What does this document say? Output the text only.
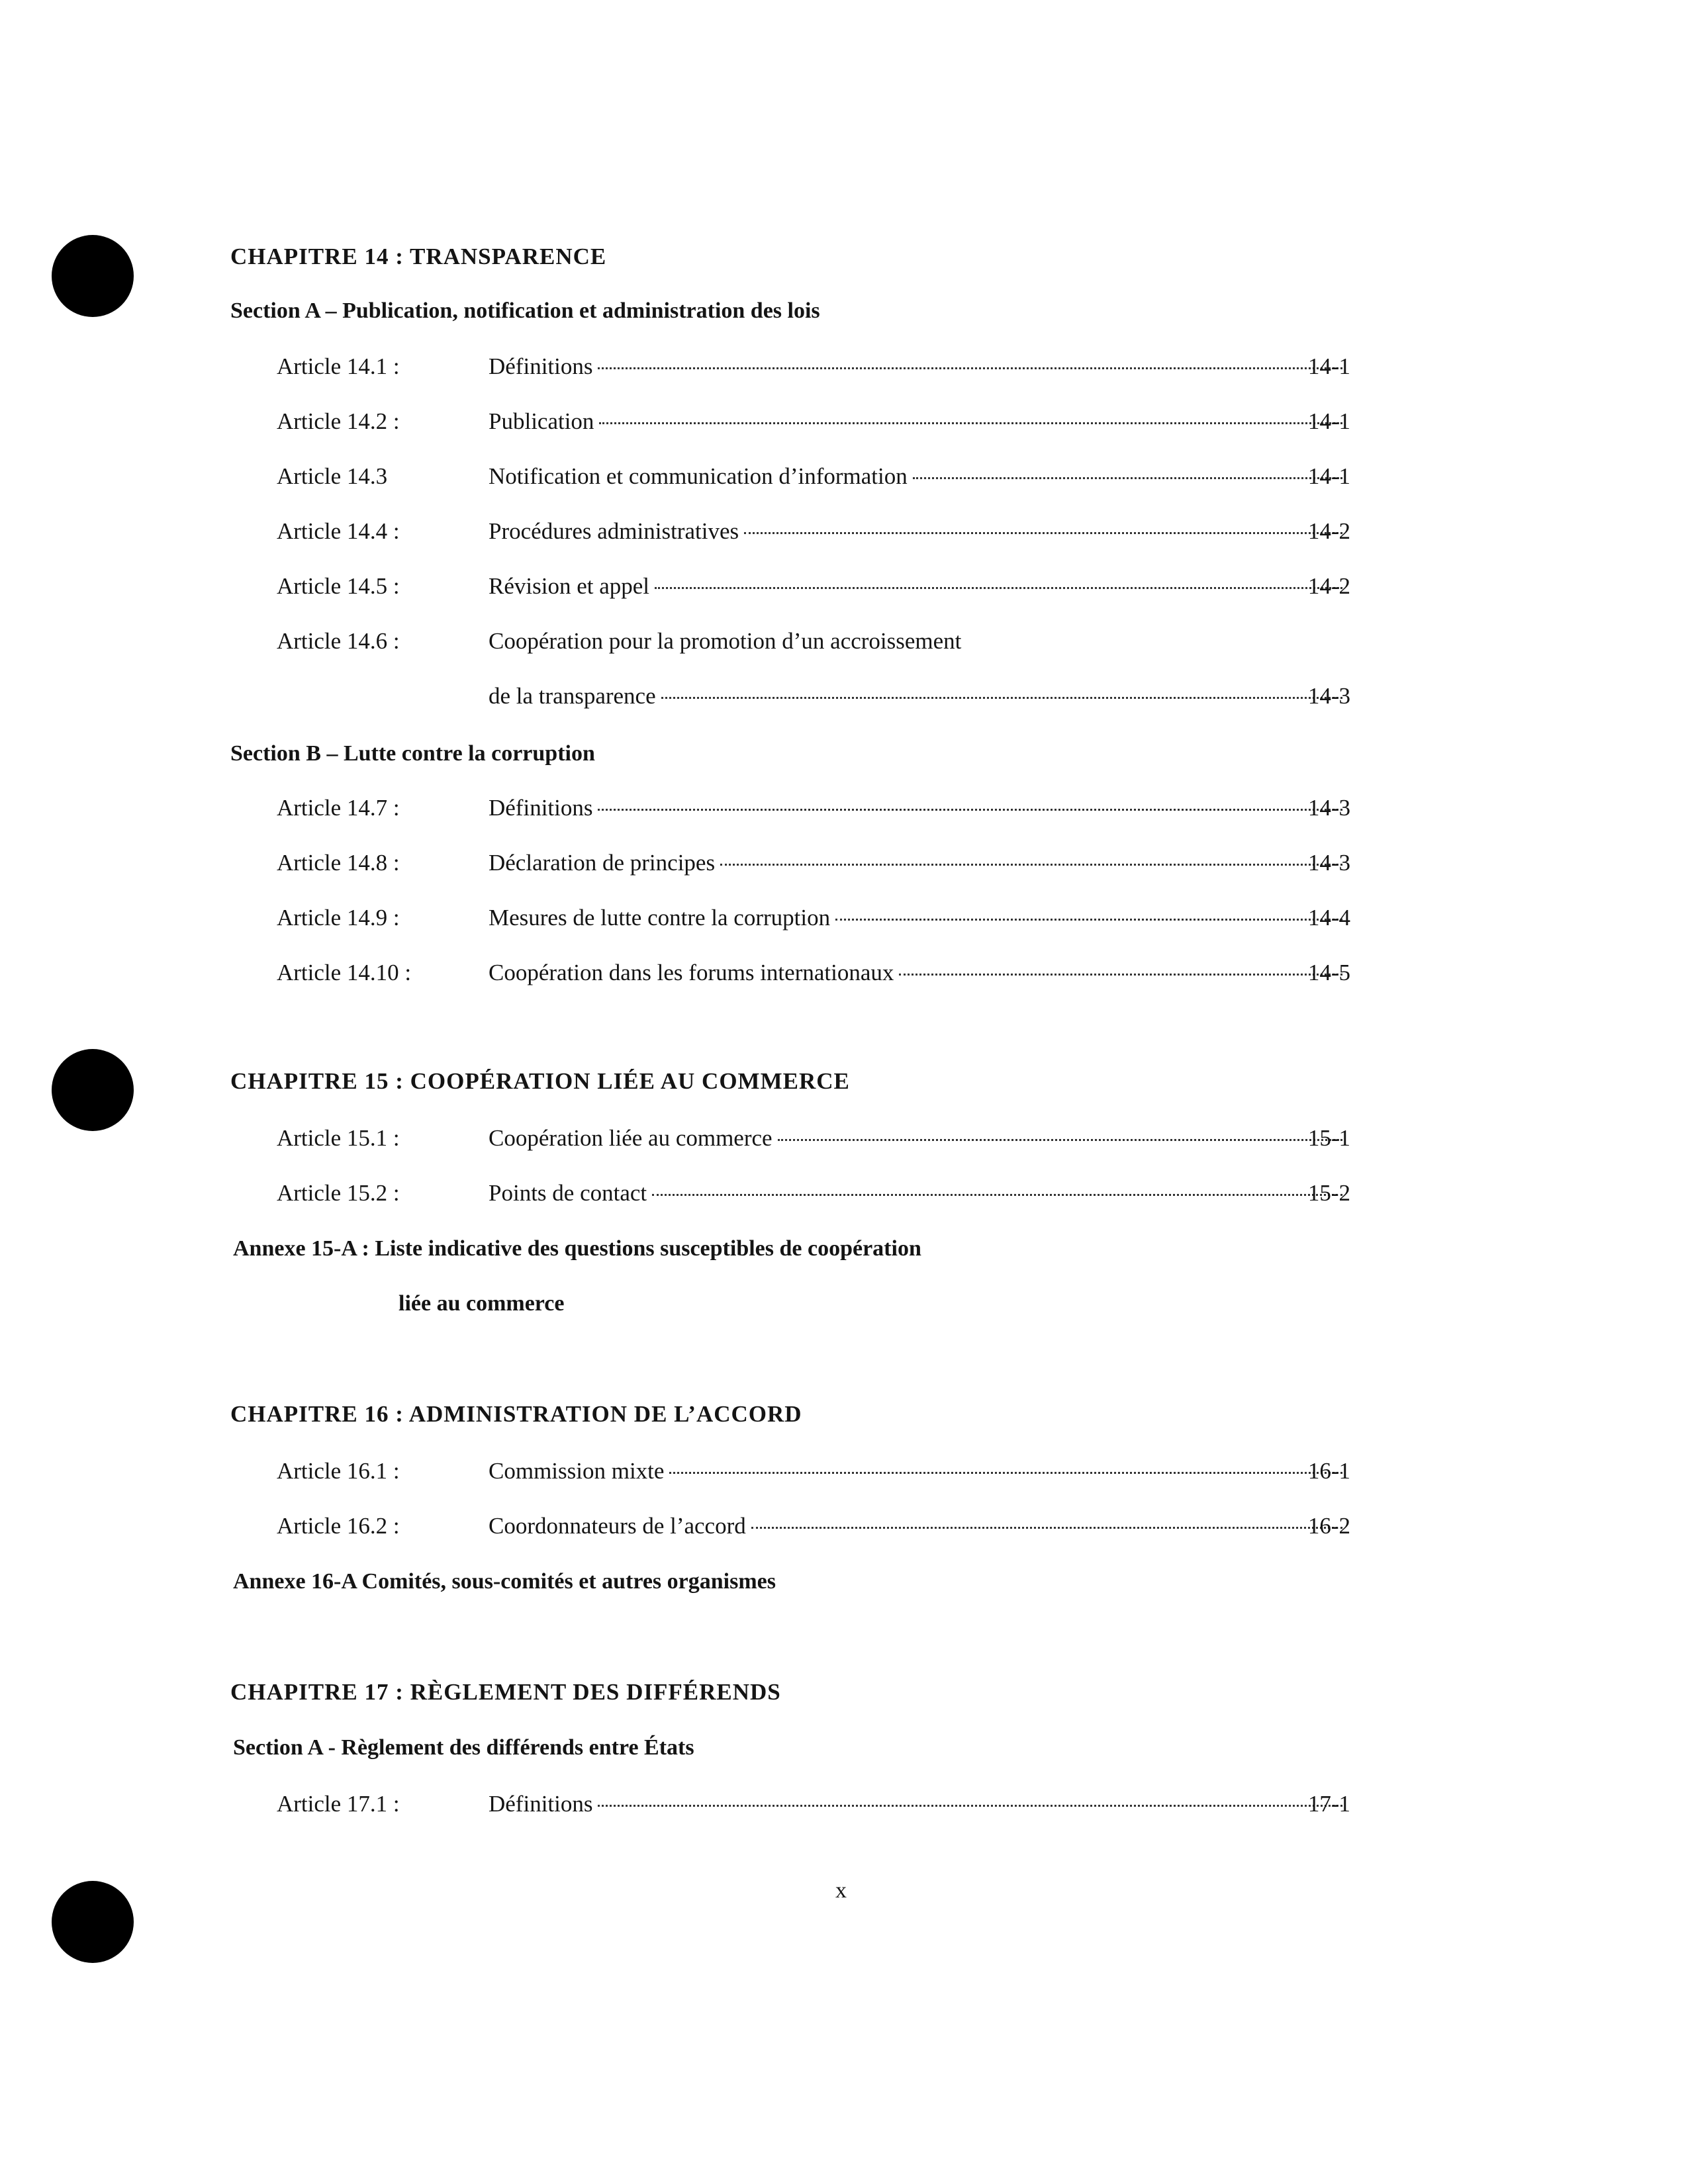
CHAPITRE 14 : TRANSPARENCE
Section A – Publication, notification et administration des lois
Article 14.1 :	Définitions	14-1
Article 14.2 :	Publication	14-1
Article 14.3	Notification et communication d’information	14-1
Article 14.4 :	Procédures administratives	14-2
Article 14.5 :	Révision et appel	14-2
Article 14.6 :	Coopération pour la promotion d’un accroissement
de la transparence	14-3
Section B – Lutte contre la corruption
Article 14.7 :	Définitions	14-3
Article 14.8 :	Déclaration de principes	14-3
Article 14.9 :	Mesures de lutte contre la corruption	14-4
Article 14.10 :	Coopération dans les forums internationaux	14-5
CHAPITRE 15 : COOPÉRATION LIÉE AU COMMERCE
Article 15.1 :	Coopération liée au commerce	15-1
Article 15.2 :	Points de contact	15-2
Annexe 15-A : Liste indicative des questions susceptibles de coopération
liée au commerce
CHAPITRE 16 : ADMINISTRATION DE L’ACCORD
Article 16.1 :	Commission mixte	16-1
Article 16.2 :	Coordonnateurs de l’accord	16-2
Annexe 16-A Comités, sous-comités et autres organismes
CHAPITRE 17 : RÈGLEMENT DES DIFFÉRENDS
Section A - Règlement des différends entre États
Article 17.1 :	Définitions	17-1
x
